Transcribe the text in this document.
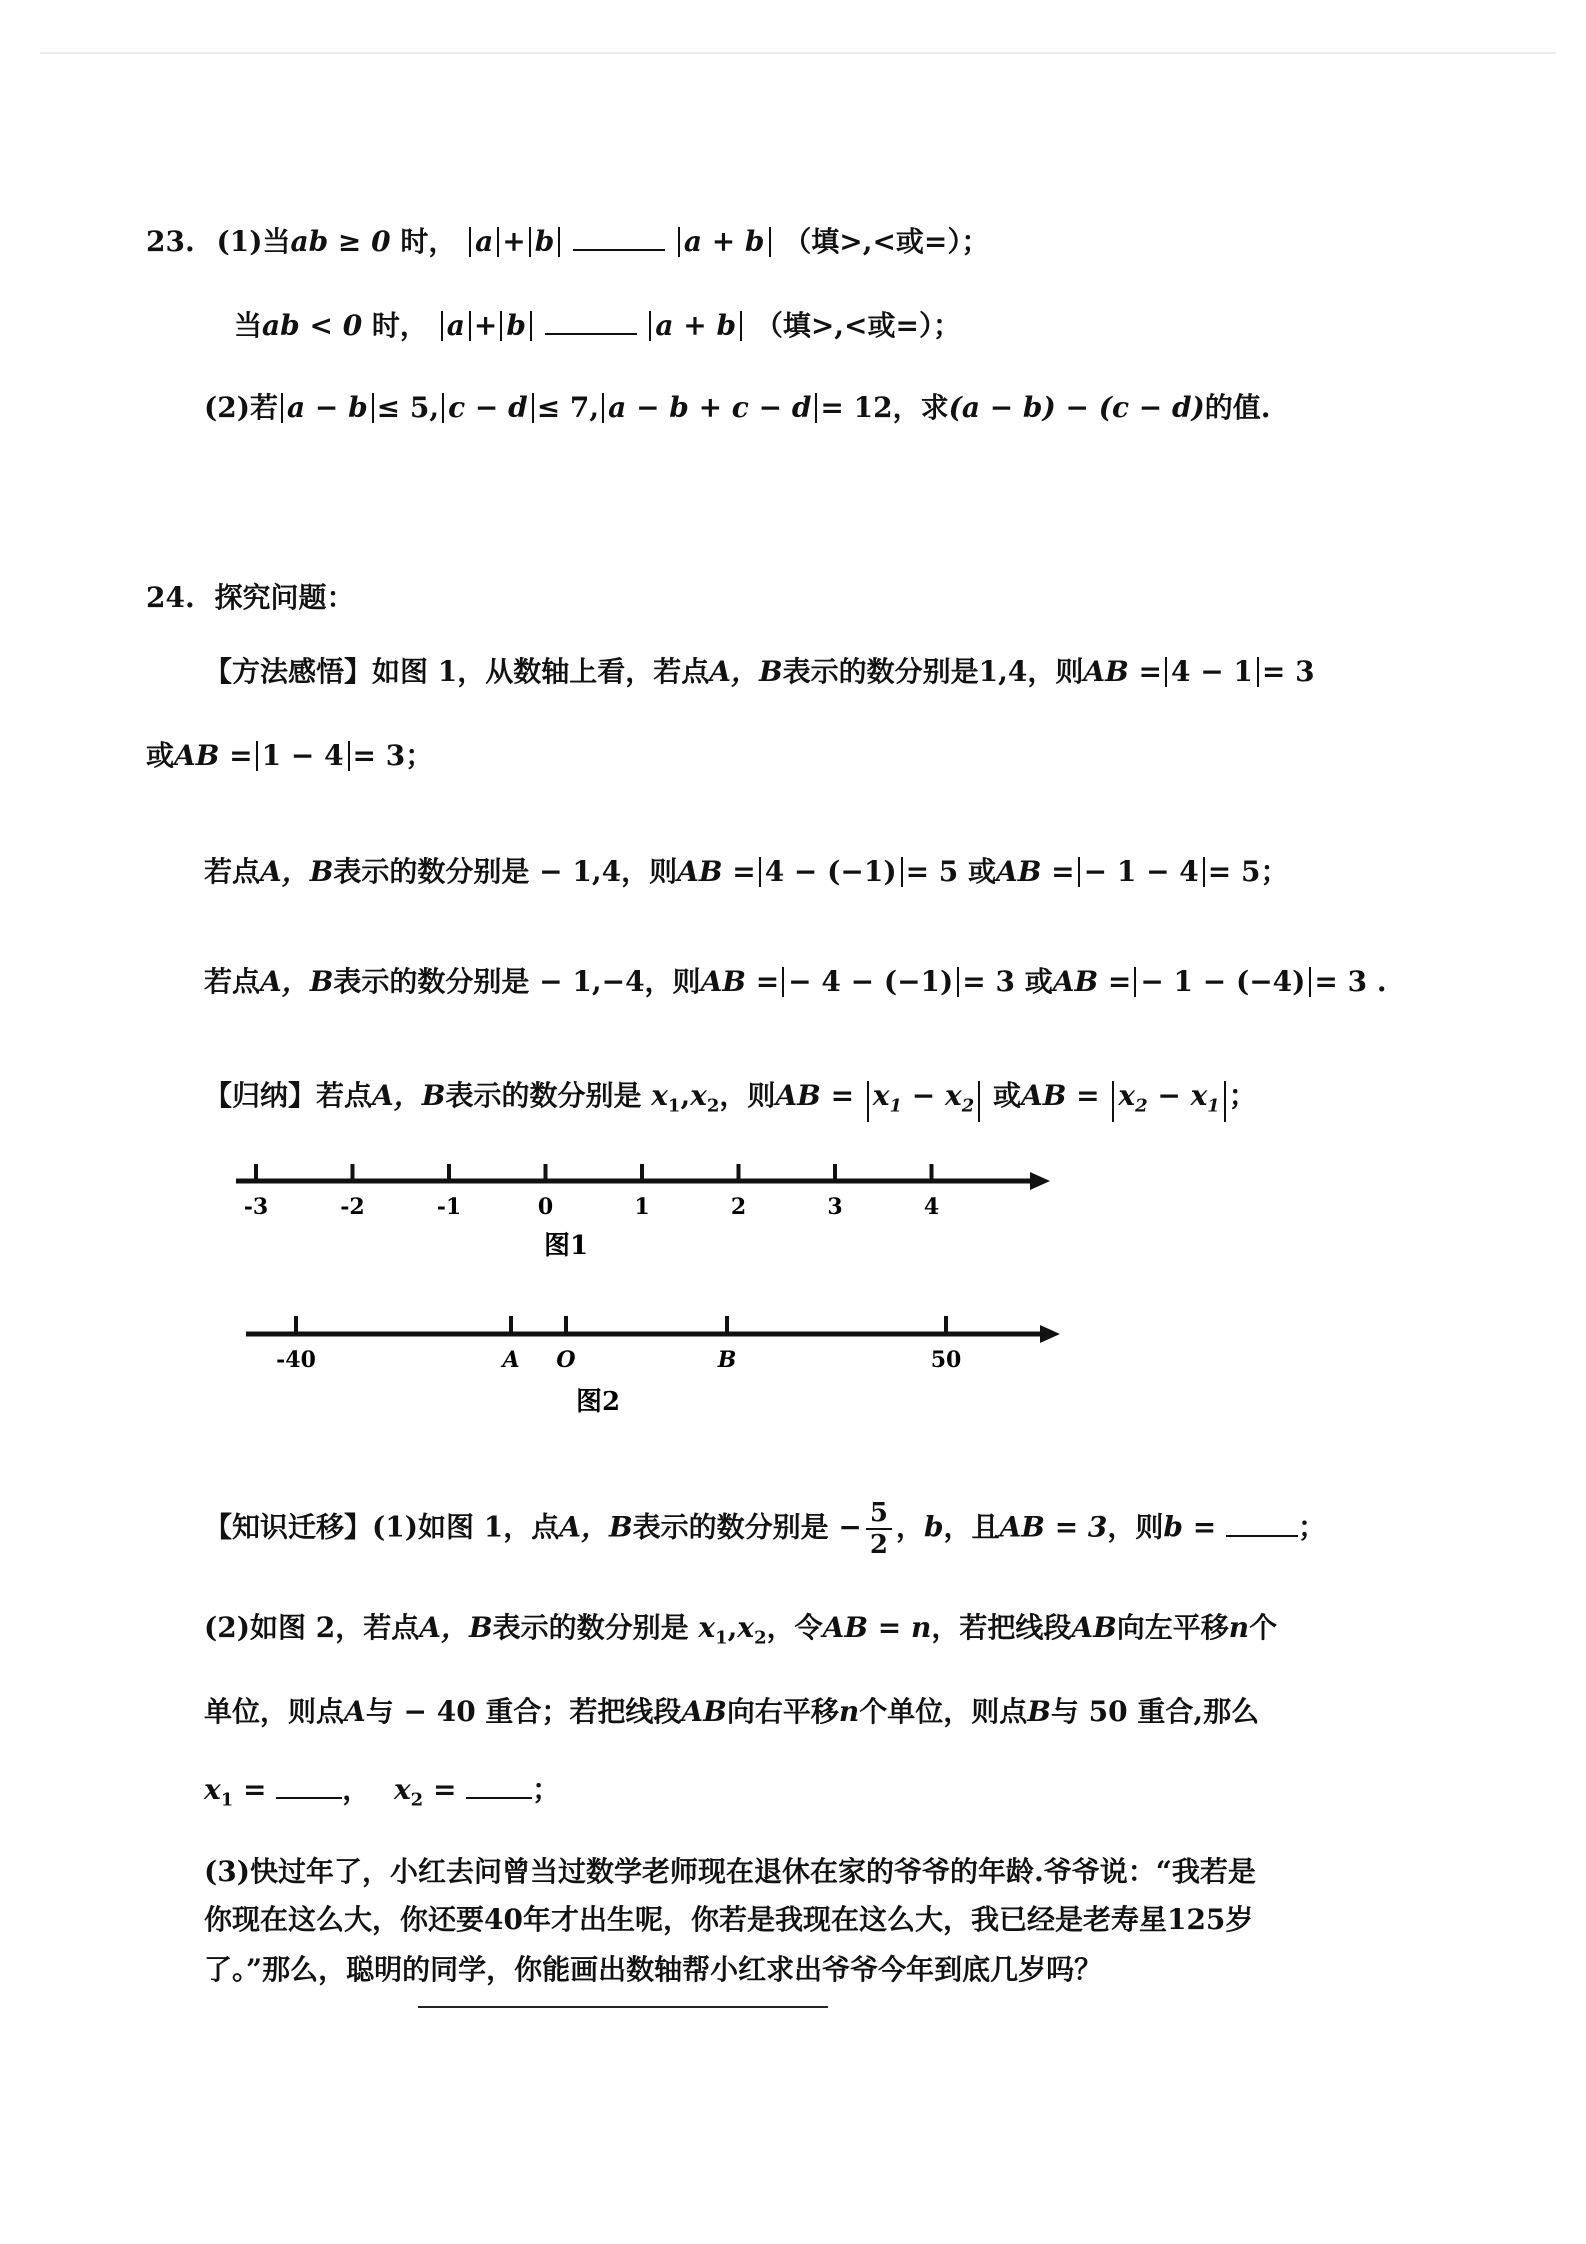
23. (1)当ab ≥ 0 时， a + b	a + b （填>,<或=）；
当ab < 0 时， a + b	a + b （填>,<或=）；
(2)若 a − b ≤ 5, c − d ≤ 7, a − b + c − d = 12，求(a − b) − (c − d)的值.
24. 探究问题：
【方法感悟】如图 1，从数轴上看，若点A，B表示的数分别是1,4，则AB = 4 − 1 = 3
或AB = 1 − 4 = 3；
若点A，B表示的数分别是 − 1,4，则AB = 4 − (−1) = 5 或AB = − 1 − 4 = 5；
若点A，B表示的数分别是 − 1,−4，则AB = − 4 − (−1) = 3 或AB = − 1 − (−4) = 3 .
【归纳】若点A，B表示的数分别是 $x_1,x_2$，则AB = $x_1 - x_2$ 或AB = $x_2 - x_1$ ；
-3	-2	-1	0	1	2	3	4
图1
-40	A O	B	50
图2
【知识迁移】(1)如图 1，点A，B表示的数分别是 − $\frac{5}{2}$ ，b，且AB = 3，则b =	；
(2)如图 2，若点A，B表示的数分别是 $x_1,x_2$，令AB = n，若把线段AB向左平移n个
单位，则点A与 − 40 重合；若把线段AB向右平移n个单位，则点B与 50 重合,那么
$x_1$ =	， $x_2$ =	；
(3)快过年了，小红去问曾当过数学老师现在退休在家的爷爷的年龄.爷爷说：“我若是
你现在这么大，你还要40年才出生呢，你若是我现在这么大，我已经是老寿星125岁
了。”那么，聪明的同学，你能画出数轴帮小红求出爷爷今年到底几岁吗？
